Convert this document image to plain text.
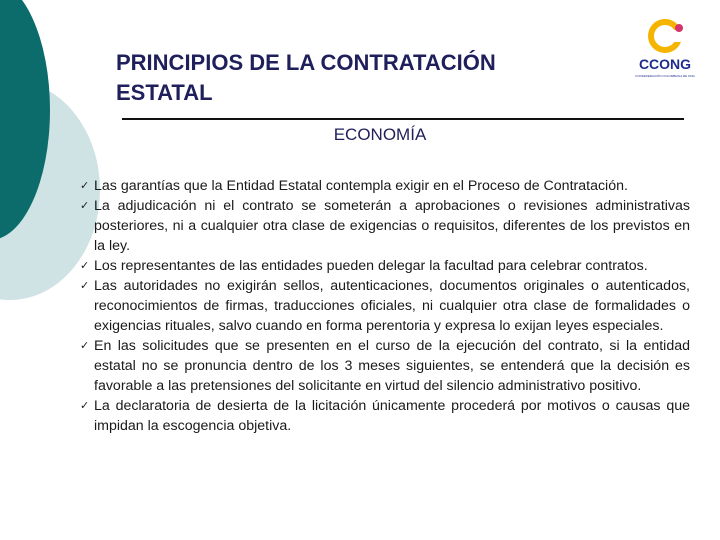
PRINCIPIOS DE LA CONTRATACIÓN ESTATAL
CCONG
CONFEDERACIÓN COLOMBIANA DE ONG
ECONOMÍA
✓ Las garantías que la Entidad Estatal contempla exigir en el Proceso de Contratación.
✓ La adjudicación ni el contrato se someterán a aprobaciones o revisiones administrativas posteriores, ni a cualquier otra clase de exigencias o requisitos, diferentes de los previstos en la ley.
✓ Los representantes de las entidades pueden delegar la facultad para celebrar contratos.
✓ Las autoridades no exigirán sellos, autenticaciones, documentos originales o autenticados, reconocimientos de firmas, traducciones oficiales, ni cualquier otra clase de formalidades o exigencias rituales, salvo cuando en forma perentoria y expresa lo exijan leyes especiales.
✓ En las solicitudes que se presenten en el curso de la ejecución del contrato, si la entidad estatal no se pronuncia dentro de los 3 meses siguientes, se entenderá que la decisión es favorable a las pretensiones del solicitante en virtud del silencio administrativo positivo.
✓ La declaratoria de desierta de la licitación únicamente procederá por motivos o causas que impidan la escogencia objetiva.
